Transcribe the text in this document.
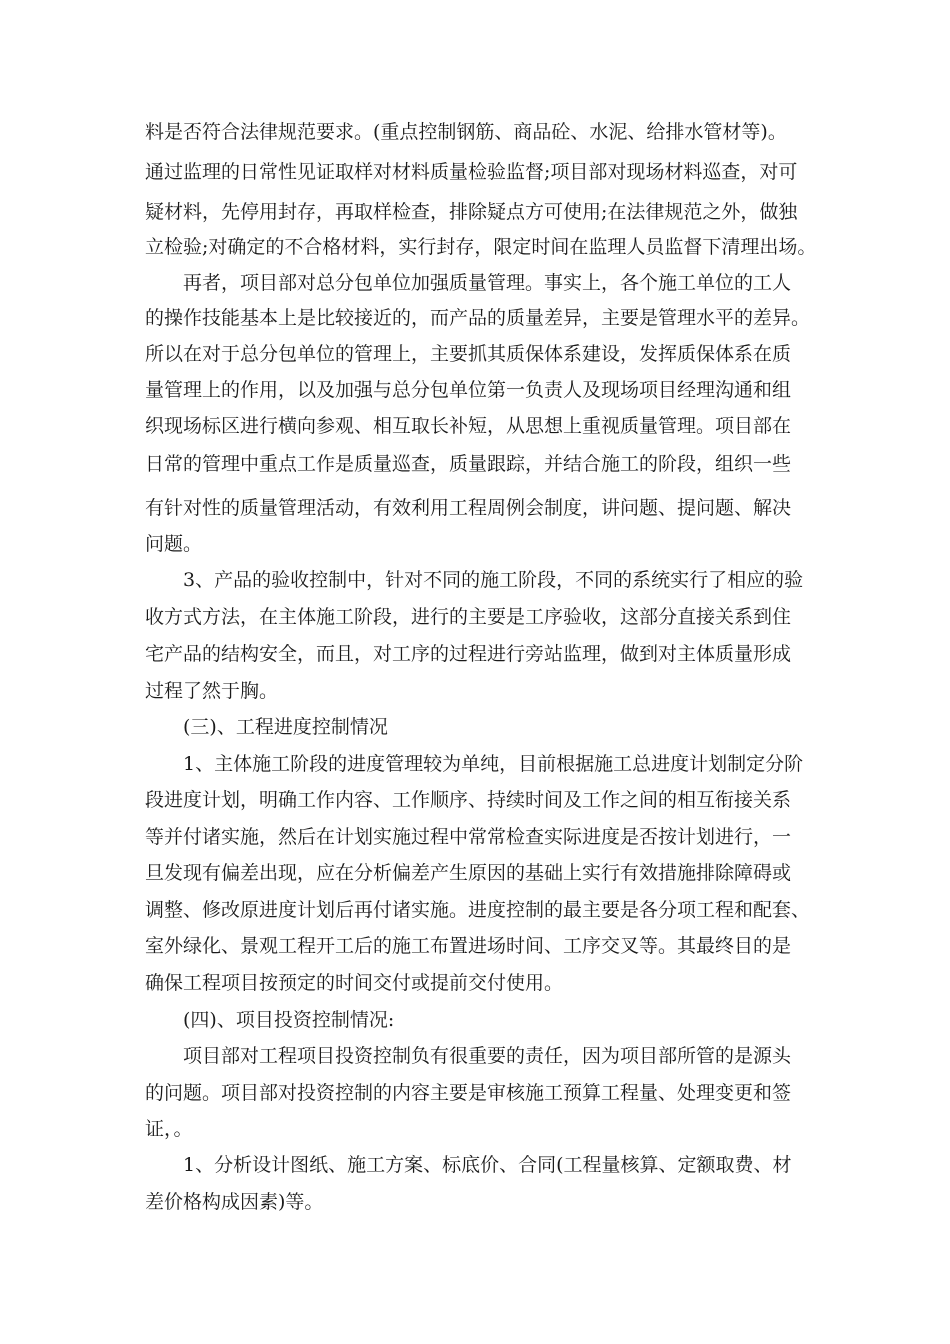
料是否符合法律规范要求。(重点控制钢筋、商品砼、水泥、给排水管材等)。
通过监理的日常性见证取样对材料质量检验监督;项目部对现场材料巡查，对可
疑材料，先停用封存，再取样检查，排除疑点方可使用;在法律规范之外，做独
立检验;对确定的不合格材料，实行封存，限定时间在监理人员监督下清理出场。
再者，项目部对总分包单位加强质量管理。事实上，各个施工单位的工人
的操作技能基本上是比较接近的，而产品的质量差异，主要是管理水平的差异。
所以在对于总分包单位的管理上，主要抓其质保体系建设，发挥质保体系在质
量管理上的作用，以及加强与总分包单位第一负责人及现场项目经理沟通和组
织现场标区进行横向参观、相互取长补短，从思想上重视质量管理。项目部在
日常的管理中重点工作是质量巡查，质量跟踪，并结合施工的阶段，组织一些
有针对性的质量管理活动，有效利用工程周例会制度，讲问题、提问题、解决
问题。
3、产品的验收控制中，针对不同的施工阶段，不同的系统实行了相应的验
收方式方法，在主体施工阶段，进行的主要是工序验收，这部分直接关系到住
宅产品的结构安全，而且，对工序的过程进行旁站监理，做到对主体质量形成
过程了然于胸。
(三)、工程进度控制情况
1、主体施工阶段的进度管理较为单纯，目前根据施工总进度计划制定分阶
段进度计划，明确工作内容、工作顺序、持续时间及工作之间的相互衔接关系
等并付诸实施，然后在计划实施过程中常常检查实际进度是否按计划进行，一
旦发现有偏差出现，应在分析偏差产生原因的基础上实行有效措施排除障碍或
调整、修改原进度计划后再付诸实施。进度控制的最主要是各分项工程和配套、
室外绿化、景观工程开工后的施工布置进场时间、工序交叉等。其最终目的是
确保工程项目按预定的时间交付或提前交付使用。
(四)、项目投资控制情况:
项目部对工程项目投资控制负有很重要的责任，因为项目部所管的是源头
的问题。项目部对投资控制的内容主要是审核施工预算工程量、处理变更和签
证，。
1、分析设计图纸、施工方案、标底价、合同(工程量核算、定额取费、材
差价格构成因素)等。
